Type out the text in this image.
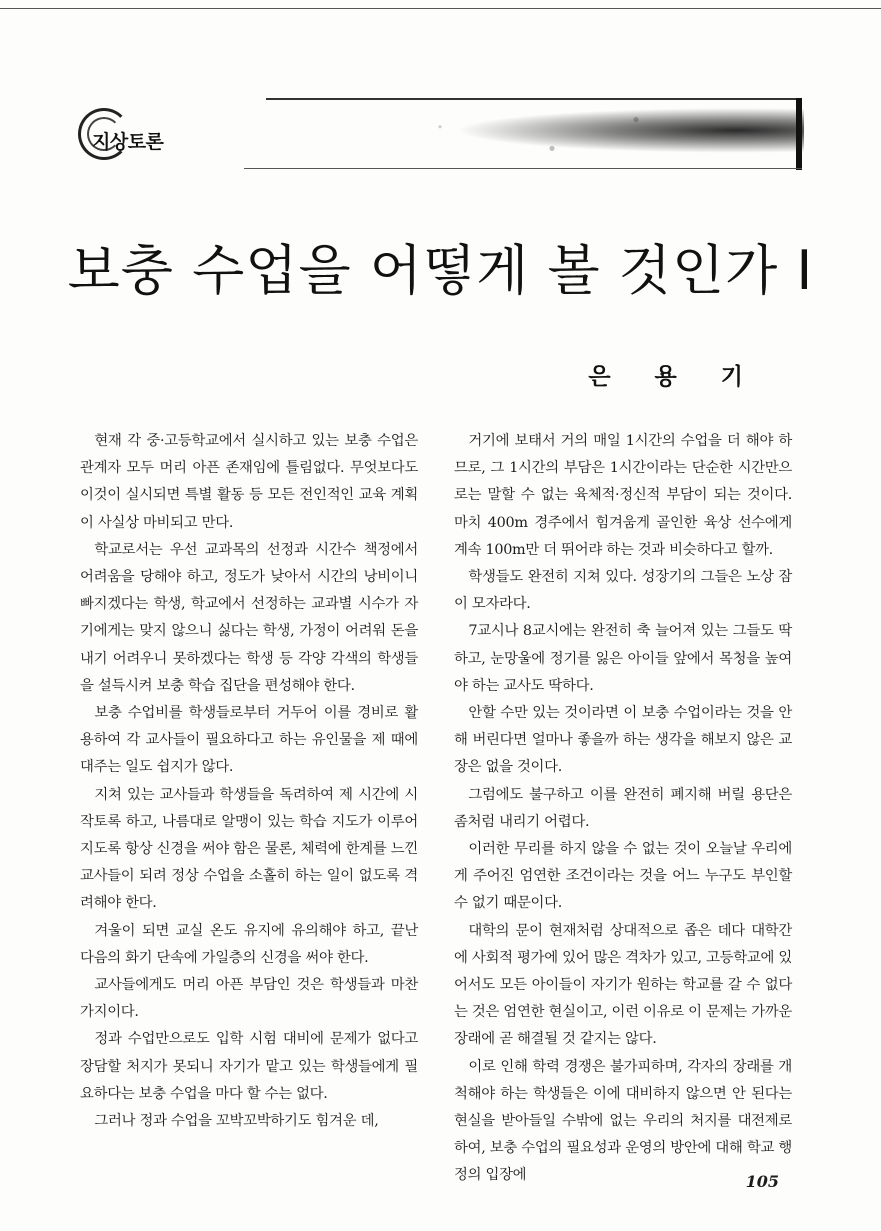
지상토론
보충 수업을 어떻게 볼 것인가 I
은 용 기

현재 각 중·고등학교에서 실시하고 있는 보충 수업은 관계자 모두 머리 아픈 존재임에 틀림없다. 무엇보다도 이것이 실시되면 특별 활동 등 모든 전인적인 교육 계획이 사실상 마비되고 만다.

학교로서는 우선 교과목의 선정과 시간수 책정에서 어려움을 당해야 하고, 정도가 낮아서 시간의 낭비이니 빠지겠다는 학생, 학교에서 선정하는 교과별 시수가 자기에게는 맞지 않으니 싫다는 학생, 가정이 어려워 돈을 내기 어려우니 못하겠다는 학생 등 각양 각색의 학생들을 설득시켜 보충 학습 집단을 편성해야 한다.

보충 수업비를 학생들로부터 거두어 이를 경비로 활용하여 각 교사들이 필요하다고 하는 유인물을 제 때에 대주는 일도 쉽지가 않다.

지쳐 있는 교사들과 학생들을 독려하여 제 시간에 시작토록 하고, 나름대로 알맹이 있는 학습 지도가 이루어지도록 항상 신경을 써야 함은 물론, 체력에 한계를 느낀 교사들이 되려 정상 수업을 소홀히 하는 일이 없도록 격려해야 한다.

겨울이 되면 교실 온도 유지에 유의해야 하고, 끝난 다음의 화기 단속에 가일층의 신경을 써야 한다.

교사들에게도 머리 아픈 부담인 것은 학생들과 마찬가지이다.

정과 수업만으로도 입학 시험 대비에 문제가 없다고 장담할 처지가 못되니 자기가 맡고 있는 학생들에게 필요하다는 보충 수업을 마다 할 수는 없다.

그러나 정과 수업을 꼬박꼬박하기도 힘겨운 데,

거기에 보태서 거의 매일 1시간의 수업을 더 해야 하므로, 그 1시간의 부담은 1시간이라는 단순한 시간만으로는 말할 수 없는 육체적·정신적 부담이 되는 것이다. 마치 400m 경주에서 힘겨움게 골인한 육상 선수에게 계속 100m만 더 뛰어랴 하는 것과 비슷하다고 할까.

학생들도 완전히 지쳐 있다. 성장기의 그들은 노상 잠이 모자라다.

7교시나 8교시에는 완전히 축 늘어져 있는 그들도 딱하고, 눈망울에 정기를 잃은 아이들 앞에서 목청을 높여야 하는 교사도 딱하다.

안할 수만 있는 것이라면 이 보충 수업이라는 것을 안해 버린다면 얼마나 좋을까 하는 생각을 해보지 않은 교장은 없을 것이다.

그럼에도 불구하고 이를 완전히 폐지해 버릴 용단은 좀처럼 내리기 어렵다.

이러한 무리를 하지 않을 수 없는 것이 오늘날 우리에게 주어진 엄연한 조건이라는 것을 어느 누구도 부인할 수 없기 때문이다.

대학의 문이 현재처럼 상대적으로 좁은 데다 대학간에 사회적 평가에 있어 많은 격차가 있고, 고등학교에 있어서도 모든 아이들이 자기가 원하는 학교를 갈 수 없다는 것은 엄연한 현실이고, 이런 이유로 이 문제는 가까운 장래에 곧 해결될 것 같지는 않다.

이로 인해 학력 경쟁은 불가피하며, 각자의 장래를 개척해야 하는 학생들은 이에 대비하지 않으면 안 된다는 현실을 받아들일 수밖에 없는 우리의 처지를 대전제로 하여, 보충 수업의 필요성과 운영의 방안에 대해 학교 행정의 입장에	105
